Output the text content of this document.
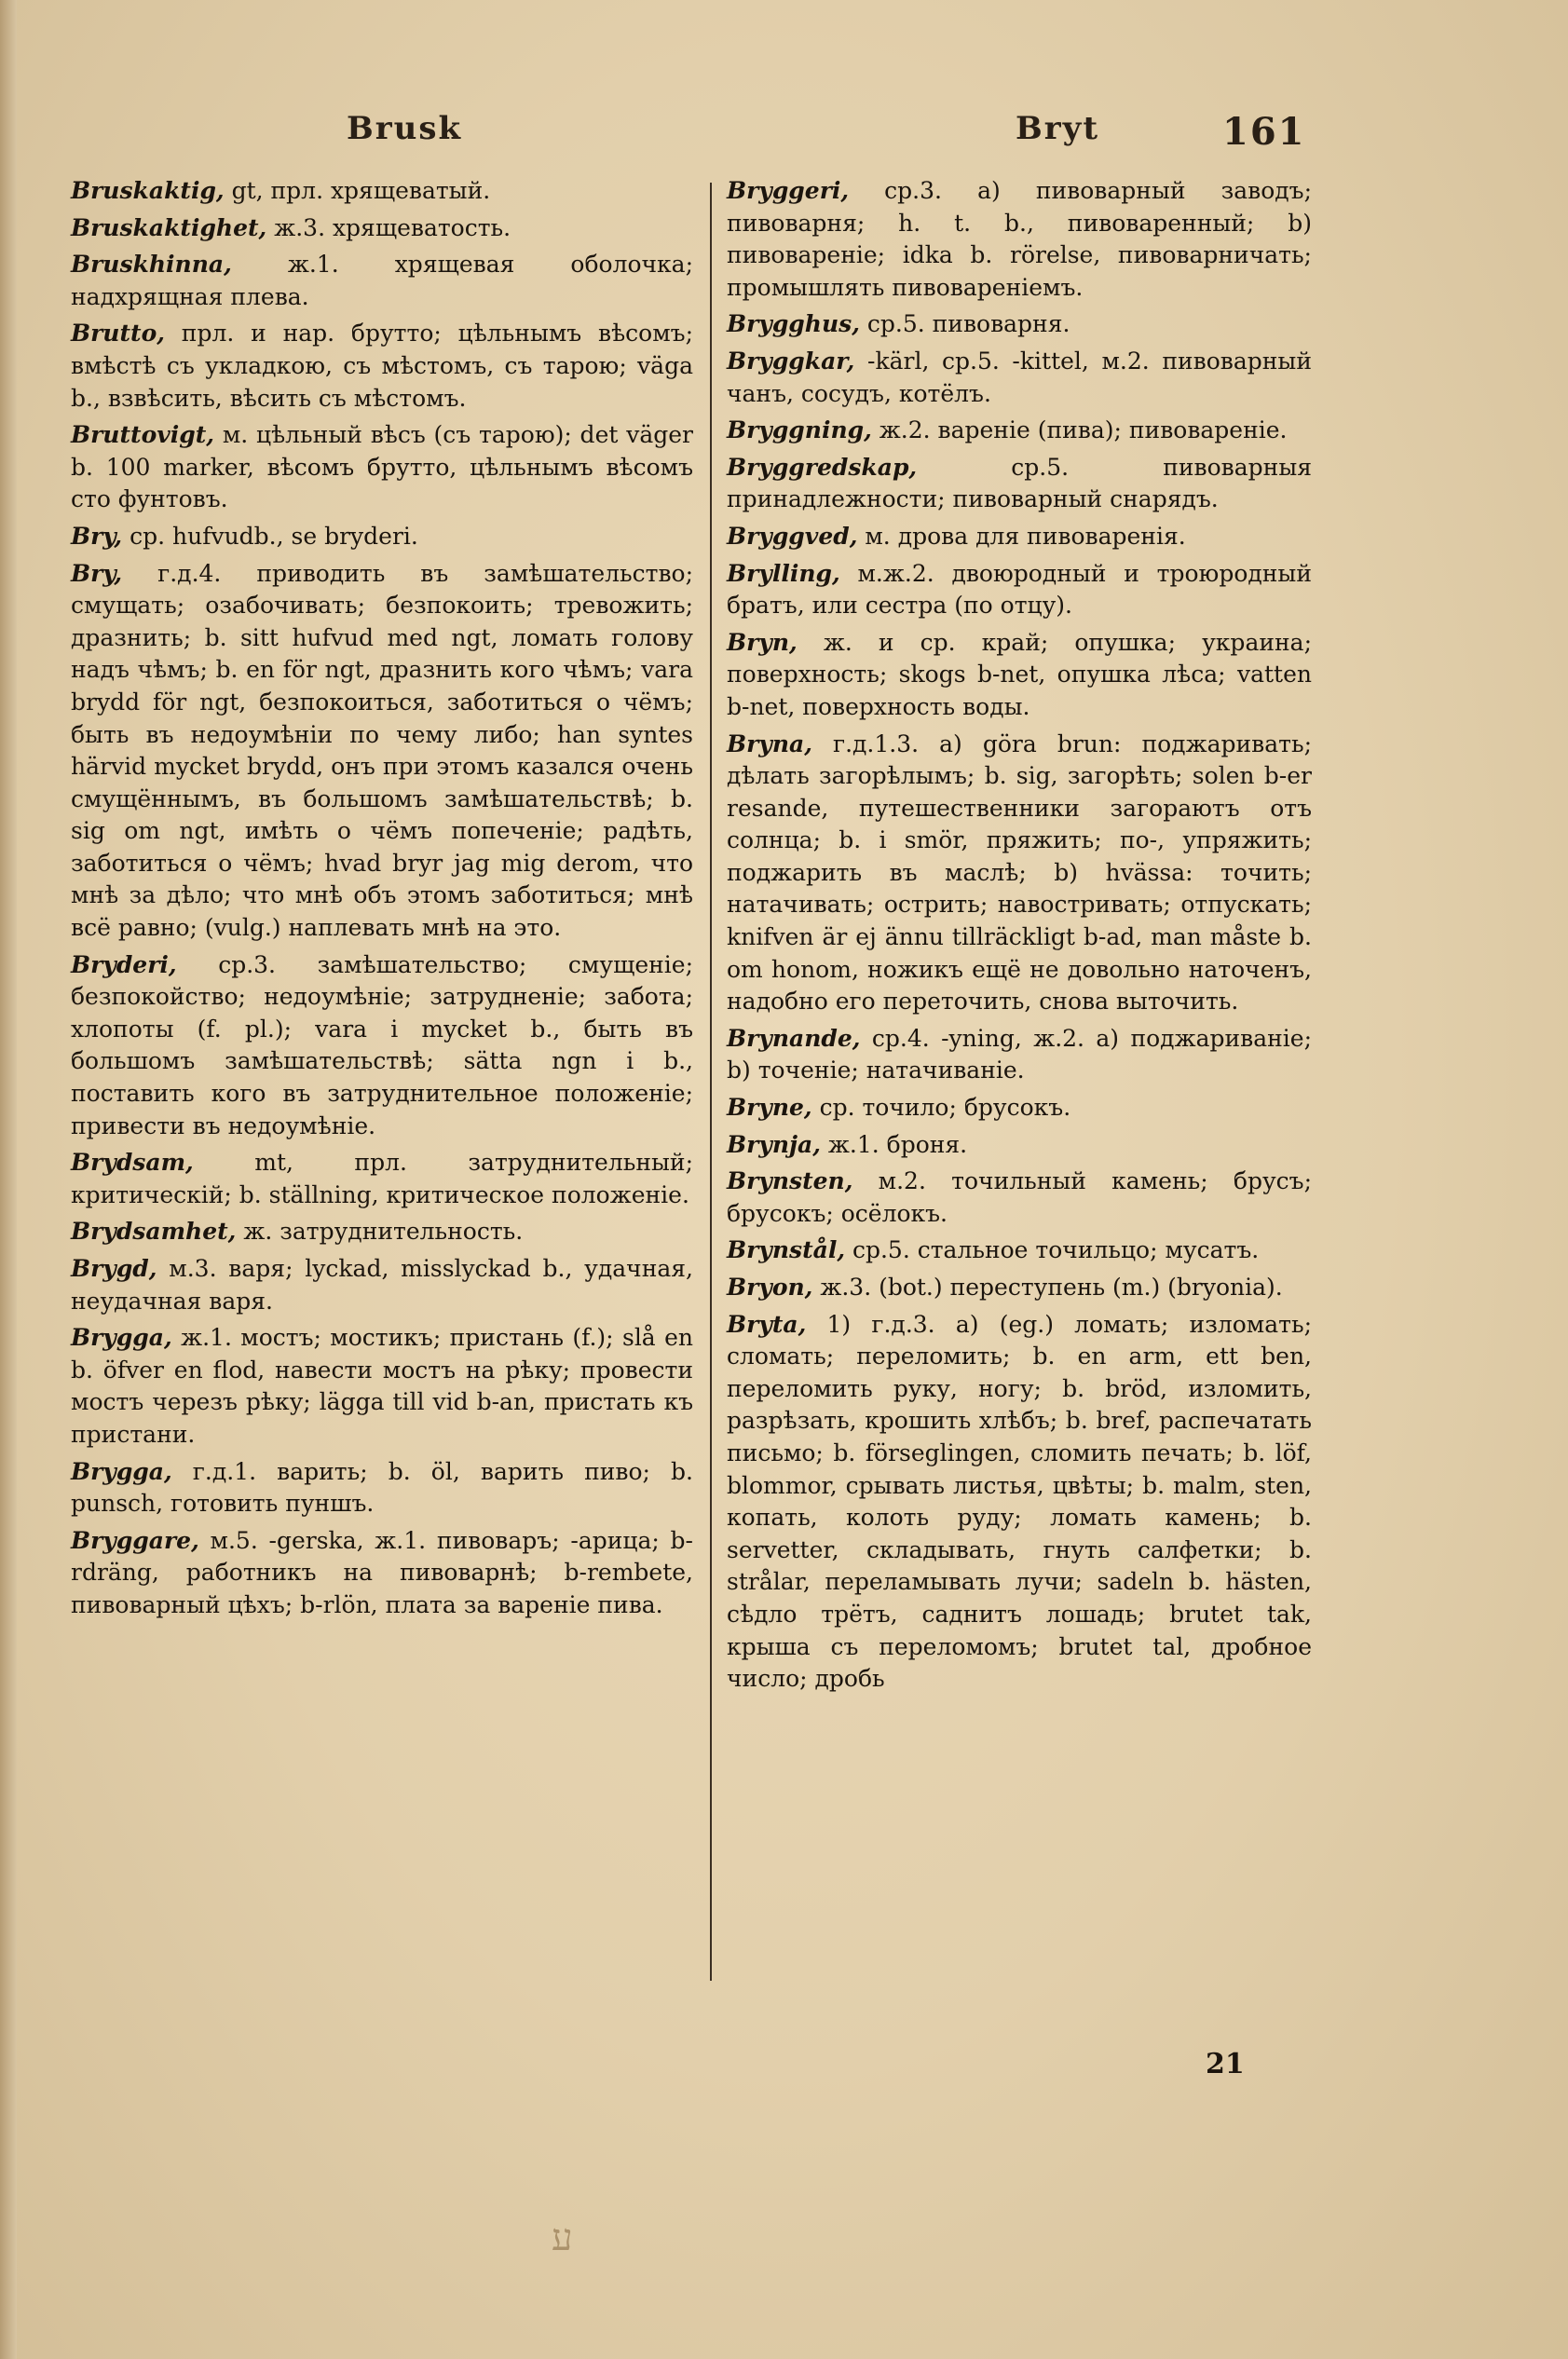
Brusk	Bryt	161

Bruskaktig, gt, прл. хрящеватый.

Bruskaktighet, ж.3. хрящеватость.

Bruskhinna, ж.1. хрящевая оболочка; надхрящная плева.

Brutto, прл. и нар. брутто; цѣльнымъ вѣсомъ; вмѣстѣ съ укладкою, съ мѣстомъ, съ тарою; väga b., взвѣсить, вѣсить съ мѣстомъ.

Bruttovigt, м. цѣльный вѣсъ (съ тарою); det väger b. 100 marker, вѣсомъ брутто, цѣльнымъ вѣсомъ сто фунтовъ.

Bry, ср. hufvudb., se bryderi.

Bry, г.д.4. приводить въ замѣшательство; смущать; озабочивать; безпокоить; тревожить; дразнить; b. sitt hufvud med ngt, ломать голову надъ чѣмъ; b. en för ngt, дразнить кого чѣмъ; vara brydd för ngt, безпокоиться, заботиться о чёмъ; быть въ недоумѣніи по чему либо; han syntes härvid mycket brydd, онъ при этомъ казался очень смущённымъ, въ большомъ замѣшательствѣ; b. sig om ngt, имѣть о чёмъ попеченіе; радѣть, заботиться о чёмъ; hvad bryr jag mig derom, что мнѣ за дѣло; что мнѣ объ этомъ заботиться; мнѣ всё равно; (vulg.) наплевать мнѣ на это.

Bryderi, ср.3. замѣшательство; смущеніе; безпокойство; недоумѣніе; затрудненіе; забота; хлопоты (f. pl.); vara i mycket b., быть въ большомъ замѣшательствѣ; sätta ngn i b., поставить кого въ затруднительное положеніе; привести въ недоумѣніе.

Brydsam, mt, прл. затруднительный; критическій; b. ställning, критическое положеніе.

Brydsamhet, ж. затруднительность.

Brygd, м.3. варя; lyckad, misslyckad b., удачная, неудачная варя.

Brygga, ж.1. мостъ; мостикъ; пристань (f.); slå en b. öfver en flod, навести мостъ на рѣку; провести мостъ черезъ рѣку; lägga till vid b-an, пристать къ пристани.

Brygga, г.д.1. варить; b. öl, варить пиво; b. punsch, готовить пуншъ.

Bryggare, м.5. -gerska, ж.1. пивоваръ; -арица; b-rdräng, работникъ на пивоварнѣ; b-rembete, пивоварный цѣхъ; b-rlön, плата за вареніе пива.

Bryggeri, ср.3. а) пивоварный заводъ; пивоварня; h. t. b., пивоваренный; b) пивовареніе; idka b. rörelse, пивоварничать; промышлять пивовареніемъ.

Brygghus, ср.5. пивоварня.

Bryggkar, -kärl, ср.5. -kittel, м.2. пивоварный чанъ, сосудъ, котёлъ.

Bryggning, ж.2. вареніе (пива); пивовареніе.

Bryggredskap, ср.5. пивоварныя принадлежности; пивоварный снарядъ.

Bryggved, м. дрова для пивоваренія.

Brylling, м.ж.2. двоюродный и троюродный братъ, или сестра (по отцу).

Bryn, ж. и ср. край; опушка; украина; поверхность; skogs b-net, опушка лѣса; vatten b-net, поверхность воды.

Bryna, г.д.1.3. а) göra brun: поджаривать; дѣлать загорѣлымъ; b. sig, загорѣть; solen b-er resande, путешественники загораютъ отъ солнца; b. i smör, пряжить; по-, упряжить; поджарить въ маслѣ; b) hvässa: точить; натачивать; острить; навостривать; отпускать; knifven är ej ännu tillräckligt b-ad, man måste b. om honom, ножикъ ещё не довольно наточенъ, надобно его переточить, снова выточить.

Brynande, ср.4. -yning, ж.2. а) поджариваніе; b) точеніе; натачиваніе.

Bryne, ср. точило; брусокъ.

Brynja, ж.1. броня.

Brynsten, м.2. точильный камень; брусъ; брусокъ; осёлокъ.

Brynstål, ср.5. стальное точильцо; мусатъ.

Bryon, ж.3. (bot.) переступень (m.) (bryonia).

Bryta, 1) г.д.3. а) (eg.) ломать; изломать; сломать; переломить; b. en arm, ett ben, переломить руку, ногу; b. bröd, изломить, разрѣзать, крошить хлѣбъ; b. bref, распечатать письмо; b. förseglingen, сломить печать; b. löf, blommor, срывать листья, цвѣты; b. malm, sten, копать, колоть руду; ломать камень; b. servetter, складывать, гнуть салфетки; b. strålar, переламывать лучи; sadeln b. hästen, сѣдло трётъ, саднитъ лошадь; brutet tak, крыша съ переломомъ; brutet tal, дробное число; дробь

21
ﬠ
